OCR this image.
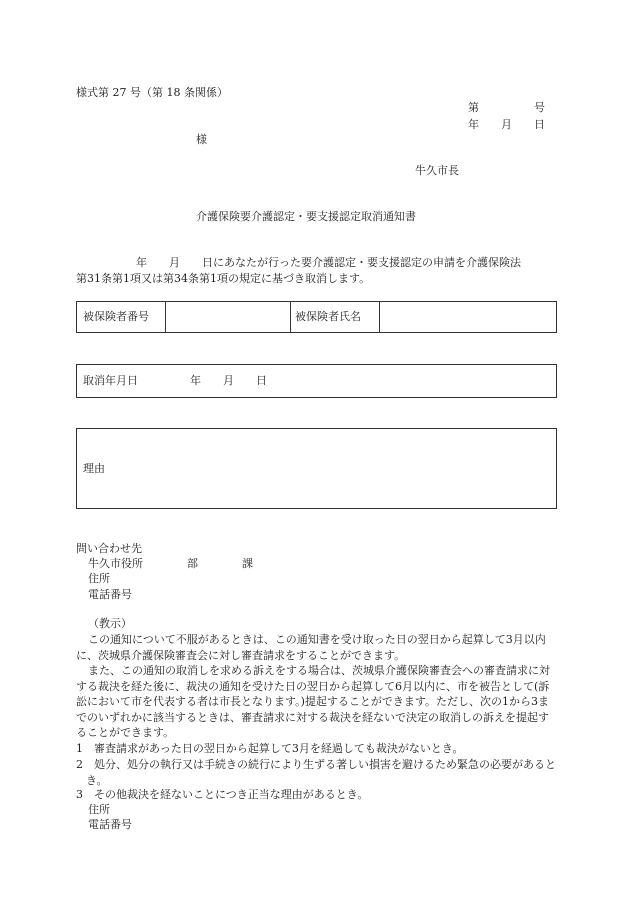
様式第 27 号（第 18 条関係）
第　　　　　号
年　　月　　日
様
牛久市長
介護保険要介護認定・要支援認定取消通知書
年　　月　　日にあなたが行った要介護認定・要支援認定の申請を介護保険法
第31条第1項又は第34条第1項の規定に基づき取消します。
被保険者番号	被保険者氏名
取消年月日	年　　月　　日
理由
問い合わせ先
牛久市役所　　　　部　　　　課
住所
電話番号
（教示）
この通知について不服があるときは、この通知書を受け取った日の翌日から起算して3月以内に、茨城県介護保険審査会に対し審査請求をすることができます。
また、この通知の取消しを求める訴えをする場合は、茨城県介護保険審査会への審査請求に対する裁決を経た後に、裁決の通知を受けた日の翌日から起算して6月以内に、市を被告として(訴訟において市を代表する者は市長となります。)提起することができます。ただし、次の1から3までのいずれかに該当するときは、審査請求に対する裁決を経ないで決定の取消しの訴えを提起することができます。
1　審査請求があった日の翌日から起算して3月を経過しても裁決がないとき。
2　処分、処分の執行又は手続きの続行により生ずる著しい損害を避けるため緊急の必要があるとき。
3　その他裁決を経ないことにつき正当な理由があるとき。
住所
電話番号
